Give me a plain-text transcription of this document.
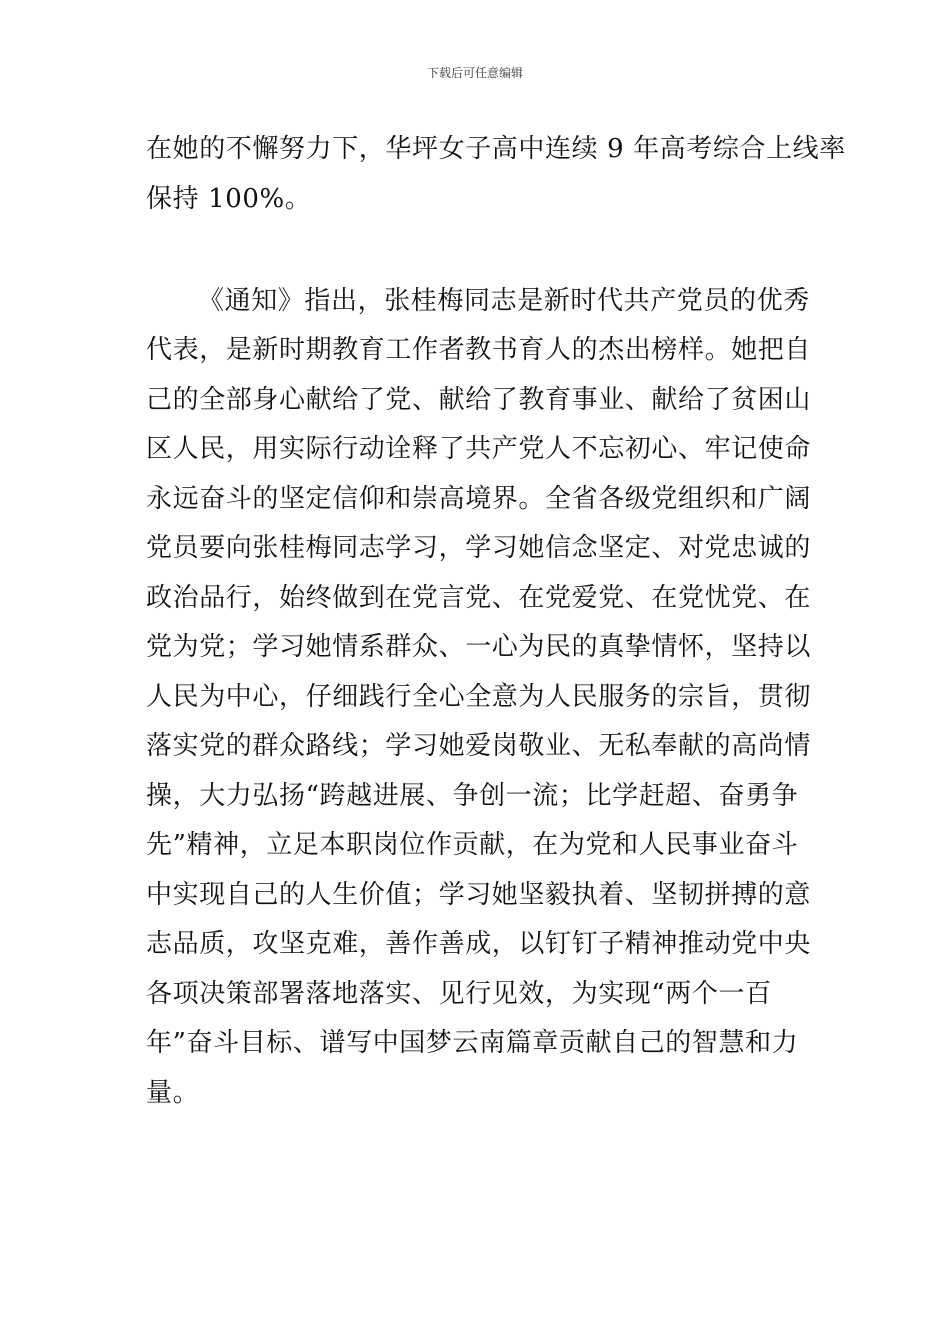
下载后可任意编辑
在她的不懈努力下，华坪女子高中连续 9 年高考综合上线率
保持 100%。
《通知》指出，张桂梅同志是新时代共产党员的优秀
代表，是新时期教育工作者教书育人的杰出榜样。她把自
己的全部身心献给了党、献给了教育事业、献给了贫困山
区人民，用实际行动诠释了共产党人不忘初心、牢记使命
永远奋斗的坚定信仰和崇高境界。全省各级党组织和广阔
党员要向张桂梅同志学习，学习她信念坚定、对党忠诚的
政治品行，始终做到在党言党、在党爱党、在党忧党、在
党为党；学习她情系群众、一心为民的真挚情怀，坚持以
人民为中心，仔细践行全心全意为人民服务的宗旨，贯彻
落实党的群众路线；学习她爱岗敬业、无私奉献的高尚情
操，大力弘扬“跨越进展、争创一流；比学赶超、奋勇争
先”精神，立足本职岗位作贡献，在为党和人民事业奋斗
中实现自己的人生价值；学习她坚毅执着、坚韧拼搏的意
志品质，攻坚克难，善作善成，以钉钉子精神推动党中央
各项决策部署落地落实、见行见效，为实现“两个一百
年”奋斗目标、谱写中国梦云南篇章贡献自己的智慧和力
量。
